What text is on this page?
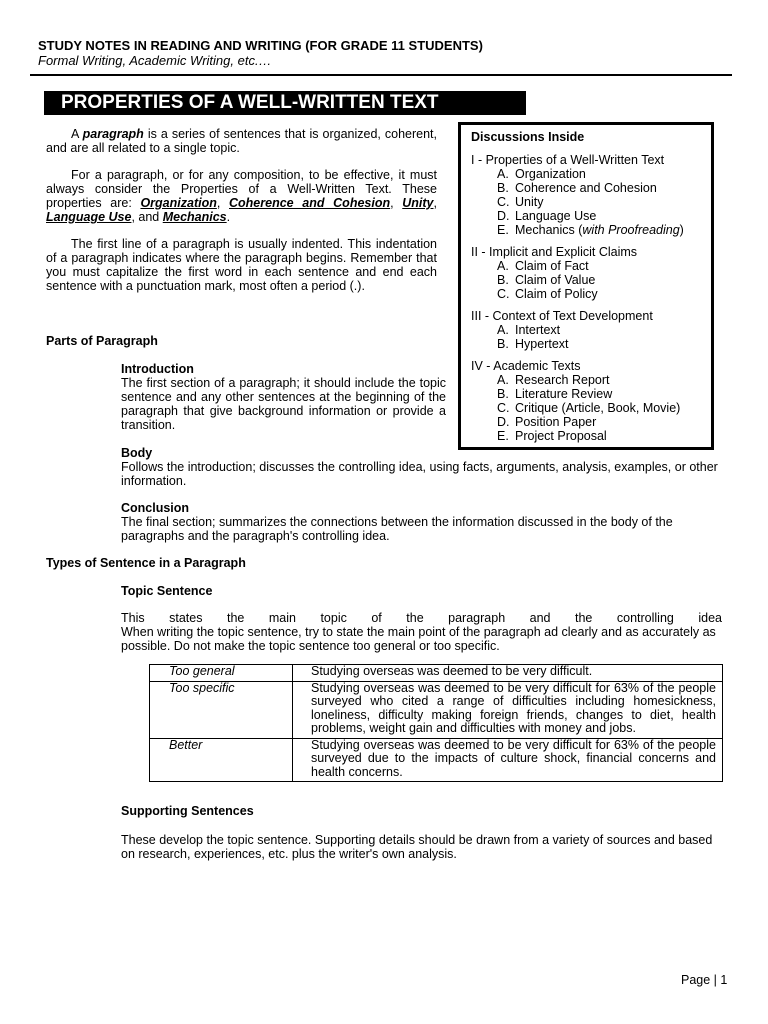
STUDY NOTES IN READING AND WRITING (FOR GRADE 11 STUDENTS)
Formal Writing, Academic Writing, etc.…
PROPERTIES OF A WELL-WRITTEN TEXT

A paragraph is a series of sentences that is organized, coherent, and are all related to a single topic.

For a paragraph, or for any composition, to be effective, it must always consider the Properties of a Well-Written Text. These properties are: Organization, Coherence and Cohesion, Unity, Language Use, and Mechanics.

The first line of a paragraph is usually indented. This indentation of a paragraph indicates where the paragraph begins. Remember that you must capitalize the first word in each sentence and end each sentence with a punctuation mark, most often a period (.).

Discussions Inside
I - Properties of a Well-Written Text
A. Organization
B. Coherence and Cohesion
C. Unity
D. Language Use
E. Mechanics (with Proofreading)
II - Implicit and Explicit Claims
A. Claim of Fact
B. Claim of Value
C. Claim of Policy
III - Context of Text Development
A. Intertext
B. Hypertext
IV - Academic Texts
A. Research Report
B. Literature Review
C. Critique (Article, Book, Movie)
D. Position Paper
E. Project Proposal
Parts of Paragraph
Introduction
The first section of a paragraph; it should include the topic sentence and any other sentences at the beginning of the paragraph that give background information or provide a transition.
Body
Follows the introduction; discusses the controlling idea, using facts, arguments, analysis, examples, or other information.
Conclusion
The final section; summarizes the connections between the information discussed in the body of the paragraphs and the paragraph's controlling idea.
Types of Sentence in a Paragraph
Topic Sentence
This states the main topic of the paragraph and the controlling idea
When writing the topic sentence, try to state the main point of the paragraph ad clearly and as accurately as possible. Do not make the topic sentence too general or too specific.
Too general	Studying overseas was deemed to be very difficult.
Too specific	Studying overseas was deemed to be very difficult for 63% of the people surveyed who cited a range of difficulties including homesickness, loneliness, difficulty making foreign friends, changes to diet, health problems, weight gain and difficulties with money and jobs.
Better	Studying overseas was deemed to be very difficult for 63% of the people surveyed due to the impacts of culture shock, financial concerns and health concerns.
Supporting Sentences
These develop the topic sentence. Supporting details should be drawn from a variety of sources and based on research, experiences, etc. plus the writer's own analysis.
Page | 1
